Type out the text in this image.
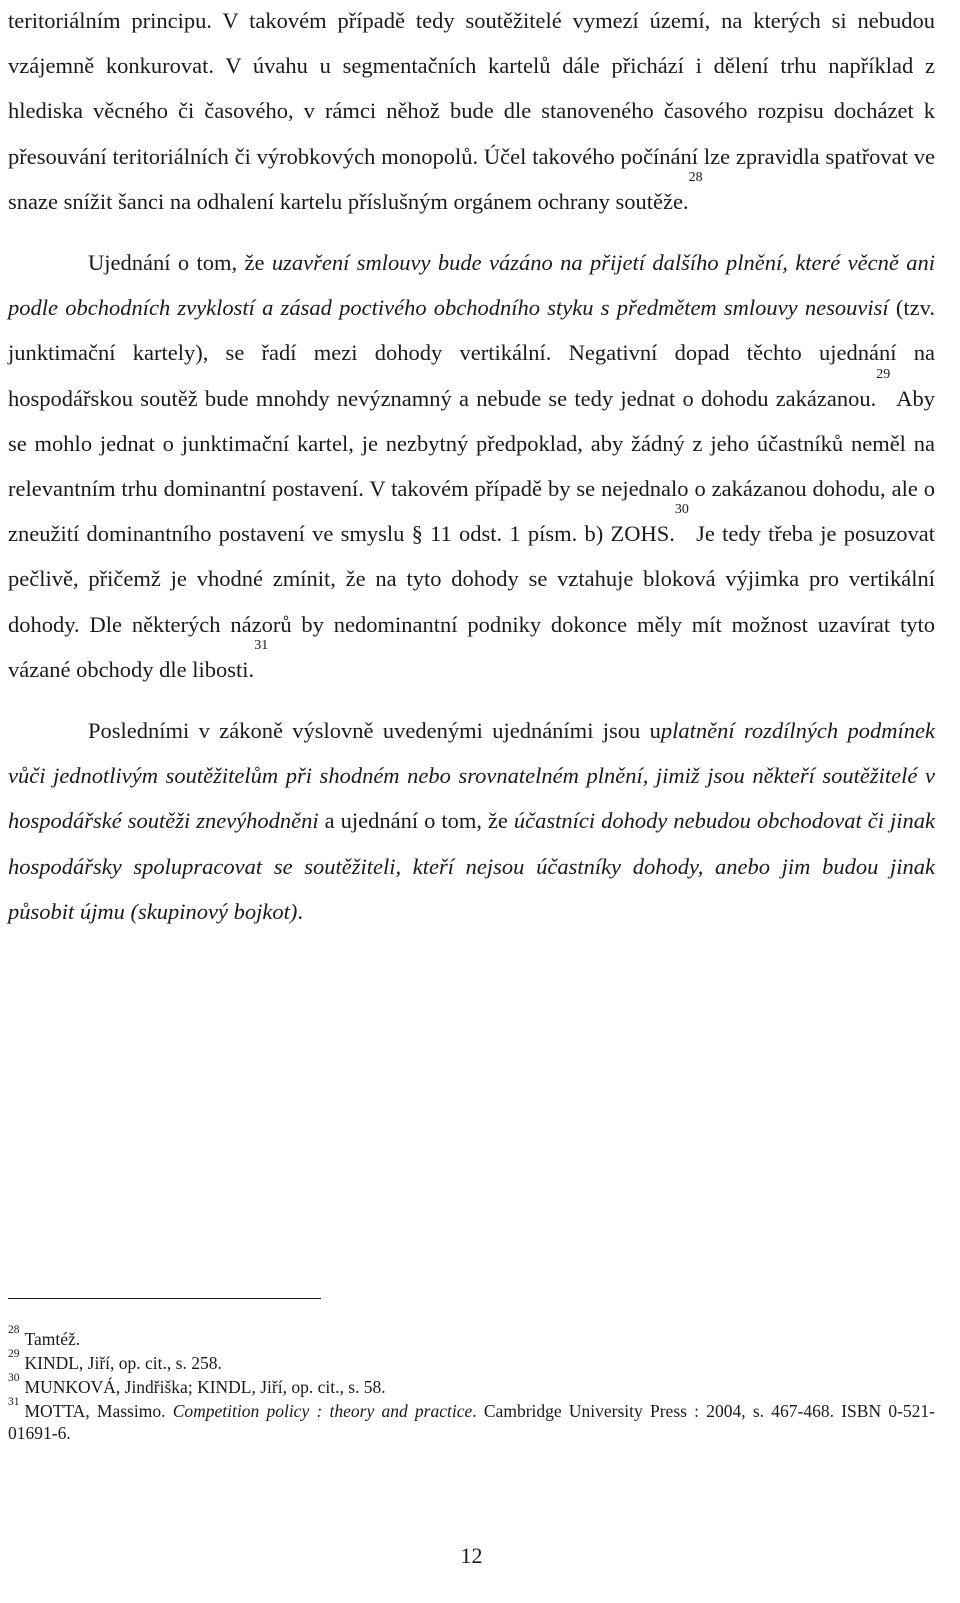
teritoriálním principu. V takovém případě tedy soutěžitelé vymezí území, na kterých si nebudou vzájemně konkurovat. V úvahu u segmentačních kartelů dále přichází i dělení trhu například z hlediska věcného či časového, v rámci něhož bude dle stanoveného časového rozpisu docházet k přesouvání teritoriálních či výrobkových monopolů. Účel takového počínání lze zpravidla spatřovat ve snaze snížit šanci na odhalení kartelu příslušným orgánem ochrany soutěže.$^{28}$

Ujednání o tom, že uzavření smlouvy bude vázáno na přijetí dalšího plnění, které věcně ani podle obchodních zvyklostí a zásad poctivého obchodního styku s předmětem smlouvy nesouvisí (tzv. junktimační kartely), se řadí mezi dohody vertikální. Negativní dopad těchto ujednání na hospodářskou soutěž bude mnohdy nevýznamný a nebude se tedy jednat o dohodu zakázanou.$^{29}$ Aby se mohlo jednat o junktimační kartel, je nezbytný předpoklad, aby žádný z jeho účastníků neměl na relevantním trhu dominantní postavení. V takovém případě by se nejednalo o zakázanou dohodu, ale o zneužití dominantního postavení ve smyslu § 11 odst. 1 písm. b) ZOHS.$^{30}$ Je tedy třeba je posuzovat pečlivě, přičemž je vhodné zmínit, že na tyto dohody se vztahuje bloková výjimka pro vertikální dohody. Dle některých názorů by nedominantní podniky dokonce měly mít možnost uzavírat tyto vázané obchody dle libosti.$^{31}$

Posledními v zákoně výslovně uvedenými ujednáními jsou uplatnění rozdílných podmínek vůči jednotlivým soutěžitelům při shodném nebo srovnatelném plnění, jimiž jsou někteří soutěžitelé v hospodářské soutěži znevýhodněni a ujednání o tom, že účastníci dohody nebudou obchodovat či jinak hospodářsky spolupracovat se soutěžiteli, kteří nejsou účastníky dohody, anebo jim budou jinak působit újmu (skupinový bojkot).

$^{28}$ Tamtéž.

$^{29}$ KINDL, Jiří, op. cit., s. 258.

$^{30}$ MUNKOVÁ, Jindřiška; KINDL, Jiří, op. cit., s. 58.

$^{31}$ MOTTA, Massimo. Competition policy : theory and practice. Cambridge University Press : 2004, s. 467-468. ISBN 0-521-01691-6.

12
